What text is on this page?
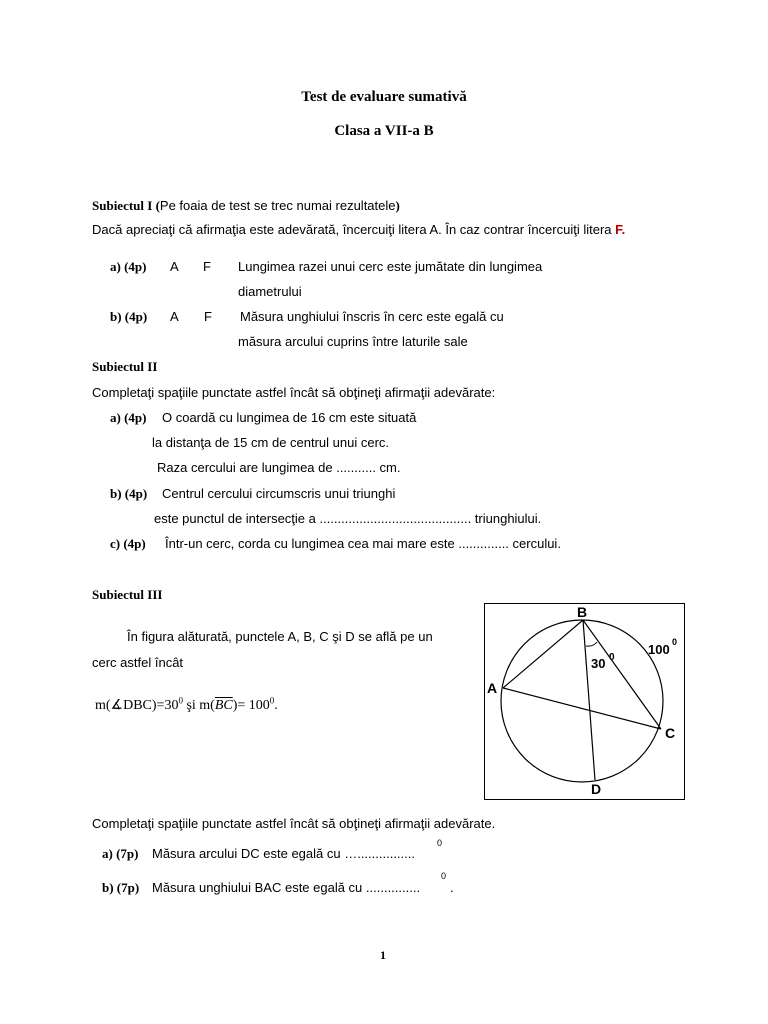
Test de evaluare sumativă
Clasa a VII-a B
Subiectul I (Pe foaia de test se trec numai rezultatele)
Dacă apreciaţi că afirmaţia este adevărată, încercuiţi litera A. În caz contrar încercuiţi litera F.
a) (4p) A F Lungimea razei unui cerc este jumătate din lungimea
diametrului
b) (4p) A F Măsura unghiului înscris în cerc este egală cu
măsura arcului cuprins între laturile sale
Subiectul II
Completaţi spaţiile punctate astfel încât să obţineţi afirmaţii adevărate:
a) (4p) O coardă cu lungimea de 16 cm este situată
la distanţa de 15 cm de centrul unui cerc.
Raza cercului are lungimea de ........... cm.
b) (4p) Centrul cercului circumscris unui triunghi
este punctul de intersecţie a .......................................... triunghiului.
c) (4p) Într-un cerc, corda cu lungimea cea mai mare este .............. cercului.
Subiectul III
În figura alăturată, punctele A, B, C şi D se află pe un
cerc astfel încât
$m(∡DBC)=30^0$ şi $m(\overline{BC})= 100^0$.
B
A
C
D
30 0
100 0
Completaţi spaţiile punctate astfel încât să obţineţi afirmaţii adevărate.
a) (7p) Măsura arcului DC este egală cu …................
0
b) (7p) Măsura unghiului BAC este egală cu ...............
0
.
1
